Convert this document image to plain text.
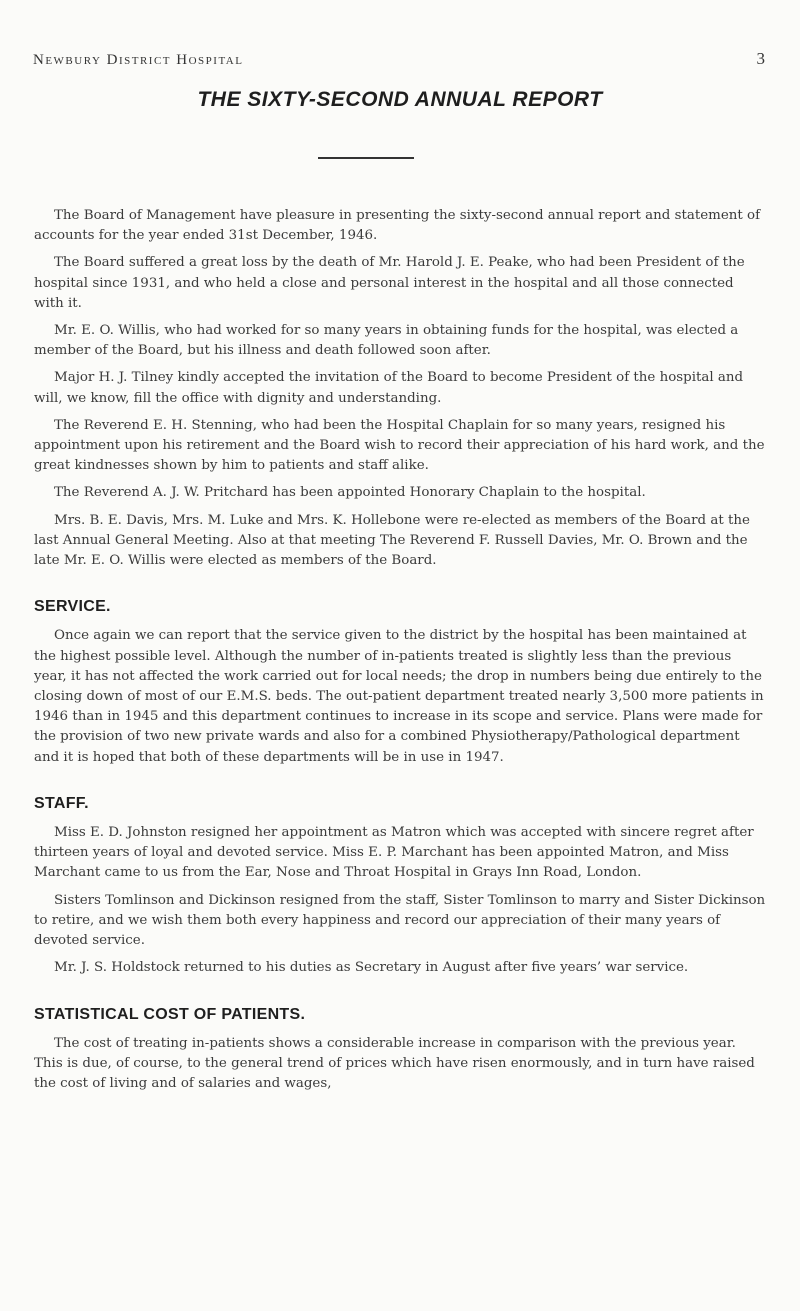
Newbury District Hospital	3
THE SIXTY-SECOND ANNUAL REPORT

The Board of Management have pleasure in presenting the sixty-second annual report and statement of accounts for the year ended 31st December, 1946.

The Board suffered a great loss by the death of Mr. Harold J. E. Peake, who had been President of the hospital since 1931, and who held a close and personal interest in the hospital and all those connected with it.

Mr. E. O. Willis, who had worked for so many years in obtaining funds for the hospital, was elected a member of the Board, but his illness and death followed soon after.

Major H. J. Tilney kindly accepted the invitation of the Board to become President of the hospital and will, we know, fill the office with dignity and understanding.

The Reverend E. H. Stenning, who had been the Hospital Chaplain for so many years, resigned his appointment upon his retirement and the Board wish to record their appreciation of his hard work, and the great kindnesses shown by him to patients and staff alike.

The Reverend A. J. W. Pritchard has been appointed Honorary Chaplain to the hospital.

Mrs. B. E. Davis, Mrs. M. Luke and Mrs. K. Hollebone were re-elected as members of the Board at the last Annual General Meeting. Also at that meeting The Reverend F. Russell Davies, Mr. O. Brown and the late Mr. E. O. Willis were elected as members of the Board.

SERVICE.

Once again we can report that the service given to the district by the hospital has been maintained at the highest possible level. Although the number of in-patients treated is slightly less than the previous year, it has not affected the work carried out for local needs; the drop in numbers being due entirely to the closing down of most of our E.M.S. beds. The out-patient department treated nearly 3,500 more patients in 1946 than in 1945 and this department continues to increase in its scope and service. Plans were made for the provision of two new private wards and also for a combined Physiotherapy/Pathological department and it is hoped that both of these departments will be in use in 1947.

STAFF.

Miss E. D. Johnston resigned her appointment as Matron which was accepted with sincere regret after thirteen years of loyal and devoted service. Miss E. P. Marchant has been appointed Matron, and Miss Marchant came to us from the Ear, Nose and Throat Hospital in Grays Inn Road, London.

Sisters Tomlinson and Dickinson resigned from the staff, Sister Tomlinson to marry and Sister Dickinson to retire, and we wish them both every happiness and record our appreciation of their many years of devoted service.

Mr. J. S. Holdstock returned to his duties as Secretary in August after five years’ war service.

STATISTICAL COST OF PATIENTS.

The cost of treating in-patients shows a considerable increase in comparison with the previous year. This is due, of course, to the general trend of prices which have risen enormously, and in turn have raised the cost of living and of salaries and wages,
